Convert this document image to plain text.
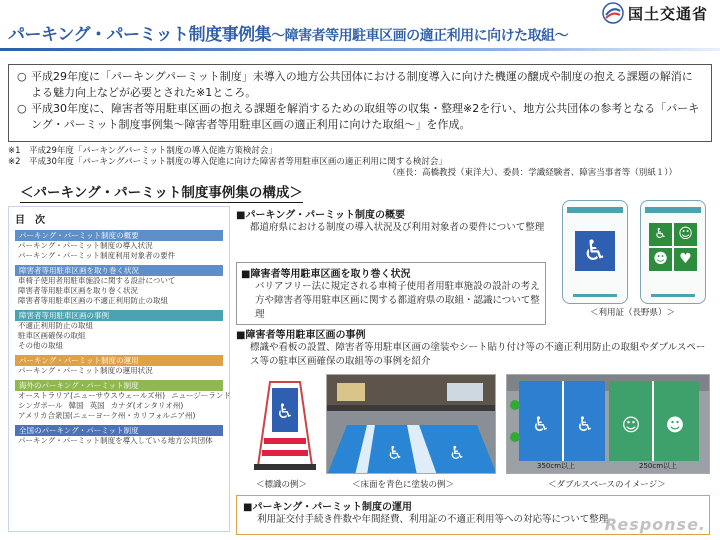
パーキング・パーミット制度事例集～障害者等用駐車区画の適正利用に向けた取組～
国土交通省

○ 平成29年度に「パーキングパーミット制度」未導入の地方公共団体における制度導入に向けた機運の醸成や制度の抱える課題の解消による魅力向上などが必要とされた※1ところ。

○ 平成30年度に、障害者等用駐車区画の抱える課題を解消するための取組等の収集・整理※2を行い、地方公共団体の参考となる「パーキング・パーミット制度事例集～障害者等用駐車区画の適正利用に向けた取組～」を作成。

※1　平成29年度「パーキングパーミット制度の導入促進方策検討会」
※2　平成30年度「パーキングパーミット制度の導入促進に向けた障害者等用駐車区画の適正利用に関する検討会」
（座長：高橋教授（東洋大）、委員：学識経験者、障害当事者等（別紙１））
＜パーキング・パーミット制度事例集の構成＞
目　次
パーキング・パーミット制度の概要
パーキング・パーミット制度の導入状況
パーキング・パーミット制度利用対象者の要件
障害者等用駐車区画を取り巻く状況
車椅子使用者用駐車施設に関する設計について
障害者等用駐車区画を取り巻く状況
障害者等用駐車区画の不適正利用防止の取組
障害者等用駐車区画の事例
不適正利用防止の取組
駐車区画確保の取組
その他の取組
パーキング・パーミット制度の運用
パーキング・パーミット制度の運用状況
海外のパーキング・パーミット制度
オーストラリア(ニューサウスウェールズ州) ニュージーランド
シンガポール 韓国 英国 カナダ(オンタリオ州)
アメリカ合衆国(ニューヨーク州・カリフォルニア州)
全国のパーキング・パーミット制度
パーキング・パーミット制度を導入している地方公共団体
■パーキング・パーミット制度の概要
都道府県における制度の導入状況及び利用対象者の要件について整理
■障害者等用駐車区画を取り巻く状況
バリアフリー法に規定される車椅子使用者用駐車施設の設計の考え方や障害者等用駐車区画に関する都道府県の取組・認識について整理
♿	♿ ☺
☻ ♥
＜利用証（長野県）＞
■障害者等用駐車区画の事例
標識や看板の設置、障害者等用駐車区画の塗装やシート貼り付け等の不適正利用防止の取組やダブルスペース等の駐車区画確保の取組等の事例を紹介
♿
＜標識の例＞
♿	♿
＜床面を青色に塗装の例＞
♿ ♿ ☺ ☻
350cm以上	250cm以上
＜ダブルスペースのイメージ＞
■パーキング・パーミット制度の運用
利用証交付手続き件数や年間経費、利用証の不適正利用等への対応等について整理
Response.
